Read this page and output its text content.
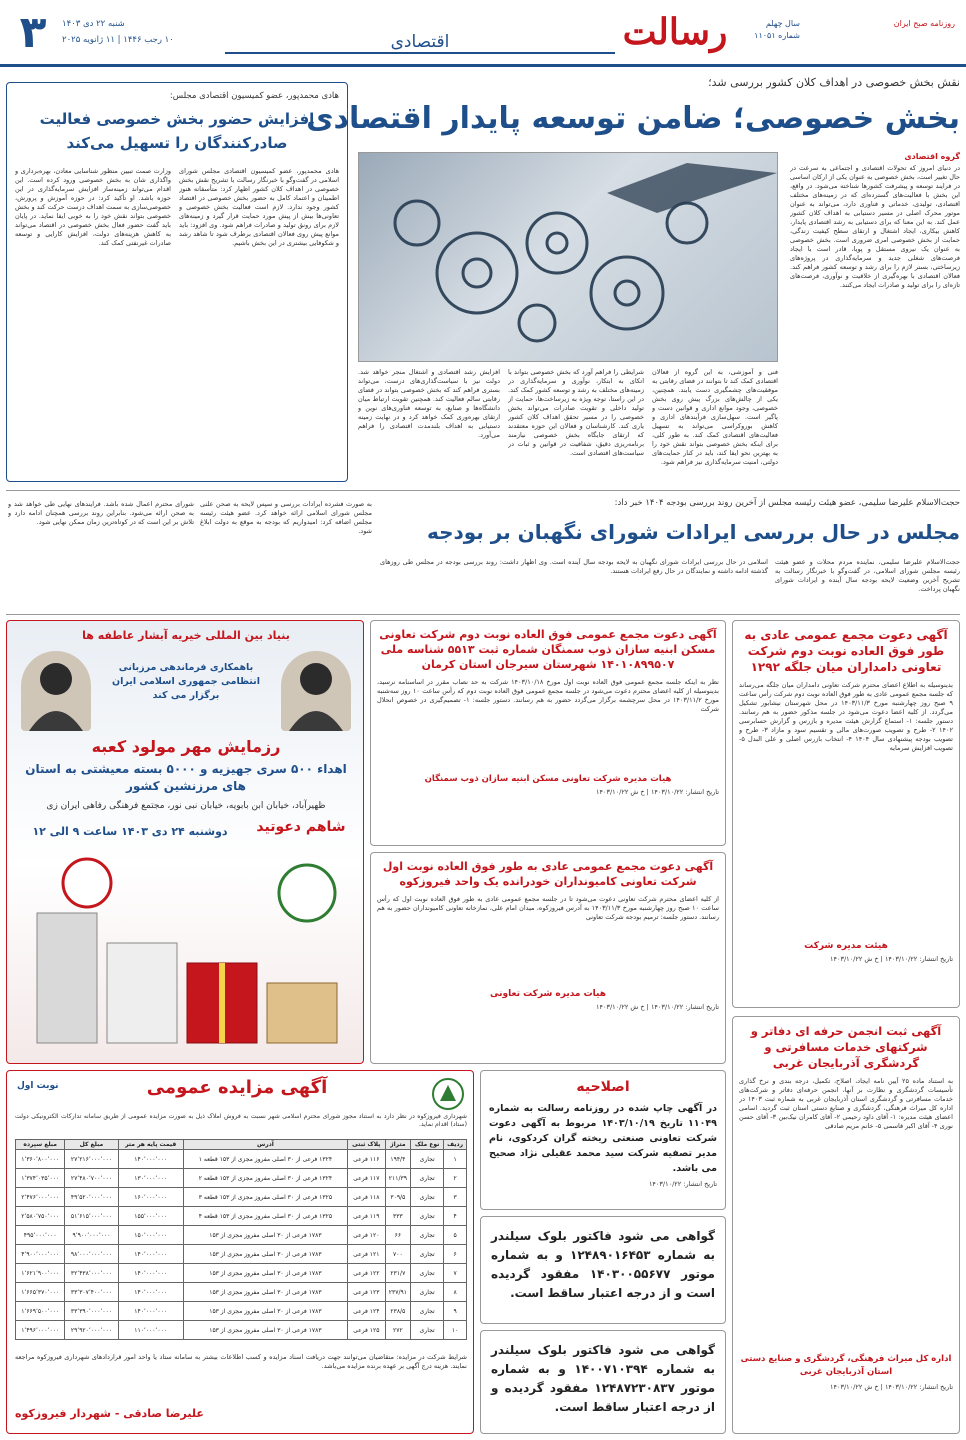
۳	شنبه ۲۲ دی ۱۴۰۳
۱۰ رجب ۱۴۴۶ | ۱۱ ژانویه ۲۰۲۵	اقتصادی	رسالت	سال چهلم
شماره ۱۱۰۵۱
روزنامه صبح ایران
نقش بخش خصوصی در اهداف کلان کشور بررسی شد؛
بخش خصوصی؛ ضامن توسعه پایدار اقتصادی
گروه اقتصادی
در دنیای امروز که تحولات اقتصادی و اجتماعی به سرعت در حال تغییر است، بخش خصوصی به عنوان یکی از ارکان اساسی در فرایند توسعه و پیشرفت کشورها شناخته می‌شود. در واقع، این بخش با فعالیت‌های گسترده‌ای که در زمینه‌های مختلف اقتصادی، تولیدی، خدماتی و فناوری دارد، می‌تواند به عنوان موتور محرک اصلی در مسیر دستیابی به اهداف کلان کشور عمل کند. به این معنا که برای دستیابی به رشد اقتصادی پایدار، کاهش بیکاری، ایجاد اشتغال و ارتقای سطح کیفیت زندگی، حمایت از بخش خصوصی امری ضروری است. بخش خصوصی به عنوان یک نیروی مستقل و پویا، قادر است با ایجاد فرصت‌های شغلی جدید و سرمایه‌گذاری در پروژه‌های زیرساختی، بستر لازم را برای رشد و توسعه کشور فراهم کند. فعالان اقتصادی با بهره‌گیری از خلاقیت و نوآوری، فرصت‌های تازه‌ای را برای تولید و صادرات ایجاد می‌کنند.
فنی و آموزشی، به این گروه از فعالان اقتصادی کمک کند تا بتوانند در فضای رقابتی به موفقیت‌های چشمگیری دست یابند. همچنین، یکی از چالش‌های بزرگ پیش روی بخش خصوصی، وجود موانع اداری و قوانین دست و پاگیر است. سهل‌سازی فرآیندهای اداری و کاهش بوروکراسی می‌تواند به تسهیل فعالیت‌های اقتصادی کمک کند. به طور کلی، برای اینکه بخش خصوصی بتواند نقش خود را به بهترین نحو ایفا کند، باید در کنار حمایت‌های دولتی، امنیت سرمایه‌گذاری نیز فراهم شود.
شرایطی را فراهم آورد که بخش خصوصی بتواند با اتکای به ابتکار، نوآوری و سرمایه‌گذاری در زمینه‌های مختلف به رشد و توسعه کشور کمک کند. در این راستا، توجه ویژه به زیرساخت‌ها، حمایت از تولید داخلی و تقویت صادرات می‌تواند بخش خصوصی را در مسیر تحقق اهداف کلان کشور یاری کند. کارشناسان و فعالان این حوزه معتقدند که ارتقای جایگاه بخش خصوصی نیازمند برنامه‌ریزی دقیق، شفافیت در قوانین و ثبات در سیاست‌های اقتصادی است.
افزایش رشد اقتصادی و اشتغال منجر خواهد شد. دولت نیز با سیاست‌گذاری‌های درست، می‌تواند بستری فراهم کند که بخش خصوصی بتواند در فضای رقابتی سالم فعالیت کند. همچنین تقویت ارتباط میان دانشگاه‌ها و صنایع، به توسعه فناوری‌های نوین و ارتقای بهره‌وری کمک خواهد کرد و در نهایت زمینه دستیابی به اهداف بلندمدت اقتصادی را فراهم می‌آورد.
هادی محمدپور، عضو کمیسیون اقتصادی مجلس:
افزایش حضور بخش خصوصی فعالیت صادرکنندگان را تسهیل می‌کند
هادی محمدپور، عضو کمیسیون اقتصادی مجلس شورای اسلامی در گفت‌وگو با خبرنگار رسالت با تشریح نقش بخش خصوصی در اهداف کلان کشور اظهار کرد: متأسفانه هنوز اطمینان و اعتماد کامل به حضور بخش خصوصی در اقتصاد کشور وجود ندارد. لازم است فعالیت بخش خصوصی و تعاونی‌ها بیش از پیش مورد حمایت قرار گیرد و زمینه‌های لازم برای رونق تولید و صادرات فراهم شود. وی افزود: باید موانع پیش روی فعالان اقتصادی برطرف شود تا شاهد رشد و شکوفایی بیشتری در این بخش باشیم.
وزارت صمت تبیین منظور شناسایی معادن، بهره‌برداری و واگذاری شان به بخش خصوصی ورود کرده است. این اقدام می‌تواند زمینه‌ساز افزایش سرمایه‌گذاری در این حوزه باشد. او تأکید کرد: در حوزه آموزش و پرورش، خصوصی‌سازی به سمت اهداف درست حرکت کند و بخش خصوصی بتواند نقش خود را به خوبی ایفا نماید. در پایان باید گفت حضور فعال بخش خصوصی در اقتصاد می‌تواند به کاهش هزینه‌های دولت، افزایش کارایی و توسعه صادرات غیرنفتی کمک کند.
حجت‌الاسلام علیرضا سلیمی، عضو هیئت رئیسه مجلس از آخرین روند بررسی بودجه ۱۴۰۴ خبر داد:
مجلس در حال بررسی ایرادات شورای نگهبان بر بودجه
حجت‌الاسلام علیرضا سلیمی، نماینده مردم محلات و عضو هیئت رئیسه مجلس شورای اسلامی، در گفت‌وگو با خبرنگار رسالت به تشریح آخرین وضعیت لایحه بودجه سال آینده و ایرادات شورای نگهبان پرداخت.
اسلامی در حال بررسی ایرادات شورای نگهبان به لایحه بودجه سال آینده است. وی اظهار داشت: روند بررسی بودجه در مجلس طی روزهای گذشته ادامه داشته و نمایندگان در حال رفع ایرادات هستند.
به صورت فشرده ایرادات بررسی و سپس لایحه به صحن علنی مجلس شورای اسلامی ارائه خواهد کرد. عضو هیئت رئیسه مجلس اضافه کرد: امیدواریم که بودجه به موقع به دولت ابلاغ شود.
شورای محترم اعمال شده باشد. فرایندهای نهایی طی خواهد شد و به صحن ارائه می‌شود. بنابراین روند بررسی همچنان ادامه دارد و تلاش بر این است که در کوتاه‌ترین زمان ممکن نهایی شود.
آگهی دعوت مجمع عمومی عادی به طور فوق العاده نوبت دوم شرکت تعاونی دامداران میان جلگه ۱۲۹۲
بدینوسیله به اطلاع اعضای محترم شرکت تعاونی دامداران میان جلگه می‌رساند که جلسه مجمع عمومی عادی به طور فوق العاده نوبت دوم شرکت رأس ساعت ۹ صبح روز چهارشنبه مورخ ۱۴۰۳/۱۱/۳ در محل شهرستان نیشابور تشکیل می‌گردد. از کلیه اعضا دعوت می‌شود در جلسه مذکور حضور به هم رسانند. دستور جلسه: ۱- استماع گزارش هیئت مدیره و بازرس و گزارش حسابرسی ۱۴۰۲ ۲- طرح و تصویب صورت‌های مالی و تقسیم سود و مازاد ۳- طرح و تصویب بودجه پیشنهادی سال ۱۴۰۴ ۴- انتخاب بازرس اصلی و علی البدل ۵- تصویب افزایش سرمایه
هیئت مدیره شرکت
تاریخ انتشار: ۱۴۰۳/۱۰/۲۲ | خ ش ۱۴۰۳/۱۰/۲۲
آگهی دعوت مجمع عمومی فوق العاده نوبت دوم شرکت تعاونی مسکن ابنیه سازان ذوب سمنگان شماره ثبت ۵۵۱۳ شناسه ملی ۱۴۰۱۰۸۹۹۵۰۷ شهرستان سیرجان استان کرمان
نظر به اینکه جلسه مجمع عمومی فوق العاده نوبت اول مورخ ۱۴۰۳/۱۰/۱۸ شرکت به حد نصاب مقرر در اساسنامه نرسید، بدینوسیله از کلیه اعضای محترم دعوت می‌شود در جلسه مجمع عمومی فوق العاده نوبت دوم که رأس ساعت ۱۰ روز سه‌شنبه مورخ ۱۴۰۳/۱۱/۲ در محل سرچشمه برگزار می‌گردد حضور به هم رسانند. دستور جلسه: ۱- تصمیم‌گیری در خصوص انحلال شرکت
هیات مدیره شرکت تعاونی مسکن ابنیه سازان ذوب سمنگان
تاریخ انتشار: ۱۴۰۳/۱۰/۲۲ | خ ش ۱۴۰۳/۱۰/۲۲
آگهی دعوت مجمع عمومی عادی به طور فوق العاده نوبت اول شرکت تعاونی کامیونداران خودرانده یک واحد فیروزکوه
از کلیه اعضای محترم شرکت تعاونی دعوت می‌شود تا در جلسه مجمع عمومی عادی به طور فوق العاده نوبت اول که رأس ساعت ۱۰ صبح روز چهارشنبه مورخ ۱۴۰۳/۱۱/۳ به آدرس فیروزکوه، میدان امام علی، نمازخانه تعاونی کامیونداران حضور به هم رسانند. دستور جلسه: ترمیم بودجه شرکت تعاونی
هیات مدیره شرکت تعاونی
تاریخ انتشار: ۱۴۰۳/۱۰/۲۲ | خ ش ۱۴۰۳/۱۰/۲۲
بنیاد بین المللی خیریه آبشار عاطفه ها
باهمکاری فرماندهی مرزبانی انتظامی جمهوری اسلامی ایران برگزار می کند
رزمایش مهر مولود کعبه
اهداء ۵۰۰ سری جهیزیه و ۵۰۰۰ بسته معیشتی به استان های مرزنشین کشور
ظهیرآباد، خیابان ابن بابویه، خیابان نبی نور، مجتمع فرهنگی رفاهی ایران زی
دوشنبه ۲۴ دی ۱۴۰۳ ساعت ۹ الی ۱۲	شاهم دعوتید
آگهی ثبت انجمن حرفه ای دفاتر و شرکتهای خدمات مسافرتی و گردشگری آذربایجان غربی
به استناد ماده ۲۵ آیین نامه ایجاد، اصلاح، تکمیل، درجه بندی و نرخ گذاری تأسیسات گردشگری و نظارت بر آنها، انجمن حرفه‌ای دفاتر و شرکت‌های خدمات مسافرتی و گردشگری استان آذربایجان غربی به شماره ثبت ۱۴۰۳ در اداره کل میراث فرهنگی، گردشگری و صنایع دستی استان ثبت گردید. اسامی اعضای هیئت مدیره: ۱- آقای داود رحیمی ۲- آقای کامران نیک‌بین ۳- آقای حسن نوری ۴- آقای اکبر قاسمی ۵- خانم مریم صادقی
اداره کل میراث فرهنگی، گردشگری و صنایع دستی استان آذربایجان غربی
تاریخ انتشار: ۱۴۰۳/۱۰/۲۲ | خ ش ۱۴۰۳/۱۰/۲۲
اصلاحیه
در آگهی چاپ شده در روزنامه رسالت به شماره ۱۱۰۴۹ تاریخ ۱۴۰۳/۱۰/۱۹ مربوط به آگهی دعوت شرکت تعاونی صنعتی ریخته گران کردکوی، نام مدیر تصفیه شرکت سید محمد عقیلی نژاد صحیح می باشد.
تاریخ انتشار: ۱۴۰۳/۱۰/۲۲
گواهی می شود فاکتور بلوک سیلندر به شماره ۱۲۴۸۹۰۱۶۴۵۳ و به شماره موتور ۱۴۰۳۰۰۵۵۶۷۷ مفقود گردیده است و از درجه اعتبار ساقط است.
گواهی می شود فاکتور بلوک سیلندر به شماره ۱۴۰۰۷۱۰۳۹۴ و به شماره موتور ۱۲۴۸۷۲۳۰۸۳۷ مفقود گردیده و از درجه اعتبار ساقط است.
نوبت اول	آگهی مزایده عمومی
شهرداری فیروزکوه در نظر دارد به استناد مجوز شورای محترم اسلامی شهر نسبت به فروش املاک ذیل به صورت مزایده عمومی از طریق سامانه تدارکات الکترونیکی دولت (ستاد) اقدام نماید.
ردیف	نوع ملک	متراژ	پلاک ثبتی	آدرس	قیمت پایه هر متر	مبلغ کل	مبلغ سپرده
۱	تجاری	۱۹۴/۴	۱۱۶ فرعی	۱۳۲۴ فرعی از ۳۰ اصلی مفروز مجزی از ۱۵۳ قطعه ۱	۱۴۰٬۰۰۰٬۰۰۰	۲۷٬۲۱۶٬۰۰۰٬۰۰۰	۱٬۳۶۰٬۸۰۰٬۰۰۰
۲	تجاری	۲۱۱/۳۹	۱۱۷ فرعی	۱۳۲۴ فرعی از ۳۰ اصلی مفروز مجزی از ۱۵۳ قطعه ۲	۱۳۰٬۰۰۰٬۰۰۰	۲۷٬۴۸۰٬۷۰۰٬۰۰۰	۱٬۳۷۴٬۰۳۵٬۰۰۰
۳	تجاری	۳۰۹/۵	۱۱۸ فرعی	۱۳۲۵ فرعی از ۳۰ اصلی مفروز مجزی از ۱۵۳ قطعه ۳	۱۶۰٬۰۰۰٬۰۰۰	۴۹٬۵۲۰٬۰۰۰٬۰۰۰	۲٬۴۷۶٬۰۰۰٬۰۰۰
۴	تجاری	۳۳۳	۱۱۹ فرعی	۱۳۲۵ فرعی از ۳۰ اصلی مفروز مجزی از ۱۵۳ قطعه ۴	۱۵۵٬۰۰۰٬۰۰۰	۵۱٬۶۱۵٬۰۰۰٬۰۰۰	۲٬۵۸۰٬۷۵۰٬۰۰۰
۵	تجاری	۶۶	۱۲۰ فرعی	۱۷۸۳ فرعی از ۳۰ اصلی مفروز مجزی از ۱۵۳	۱۵۰٬۰۰۰٬۰۰۰	۹٬۹۰۰٬۰۰۰٬۰۰۰	۴۹۵٬۰۰۰٬۰۰۰
۶	تجاری	۷۰۰	۱۲۱ فرعی	۱۷۸۳ فرعی از ۳۰ اصلی مفروز مجزی از ۱۵۳	۱۴۰٬۰۰۰٬۰۰۰	۹۸٬۰۰۰٬۰۰۰٬۰۰۰	۴٬۹۰۰٬۰۰۰٬۰۰۰
۷	تجاری	۲۳۱/۷	۱۲۲ فرعی	۱۷۸۳ فرعی از ۳۰ اصلی مفروز مجزی از ۱۵۳	۱۴۰٬۰۰۰٬۰۰۰	۳۲٬۴۳۸٬۰۰۰٬۰۰۰	۱٬۶۲۱٬۹۰۰٬۰۰۰
۸	تجاری	۲۳۷/۹۱	۱۲۳ فرعی	۱۷۸۳ فرعی از ۳۰ اصلی مفروز مجزی از ۱۵۳	۱۴۰٬۰۰۰٬۰۰۰	۳۳٬۳۰۷٬۴۰۰٬۰۰۰	۱٬۶۶۵٬۳۷۰٬۰۰۰
۹	تجاری	۲۳۸/۵	۱۲۴ فرعی	۱۷۸۳ فرعی از ۳۰ اصلی مفروز مجزی از ۱۵۳	۱۴۰٬۰۰۰٬۰۰۰	۳۳٬۳۹۰٬۰۰۰٬۰۰۰	۱٬۶۶۹٬۵۰۰٬۰۰۰
۱۰	تجاری	۲۷۲	۱۲۵ فرعی	۱۷۸۳ فرعی از ۳۰ اصلی مفروز مجزی از ۱۵۳	۱۱۰٬۰۰۰٬۰۰۰	۲۹٬۹۲۰٬۰۰۰٬۰۰۰	۱٬۴۹۶٬۰۰۰٬۰۰۰
شرایط شرکت در مزایده: متقاضیان می‌توانند جهت دریافت اسناد مزایده و کسب اطلاعات بیشتر به سامانه ستاد یا واحد امور قراردادهای شهرداری فیروزکوه مراجعه نمایند. هزینه درج آگهی بر عهده برنده مزایده می‌باشد.
علیرضا صادقی - شهردار فیروزکوه
